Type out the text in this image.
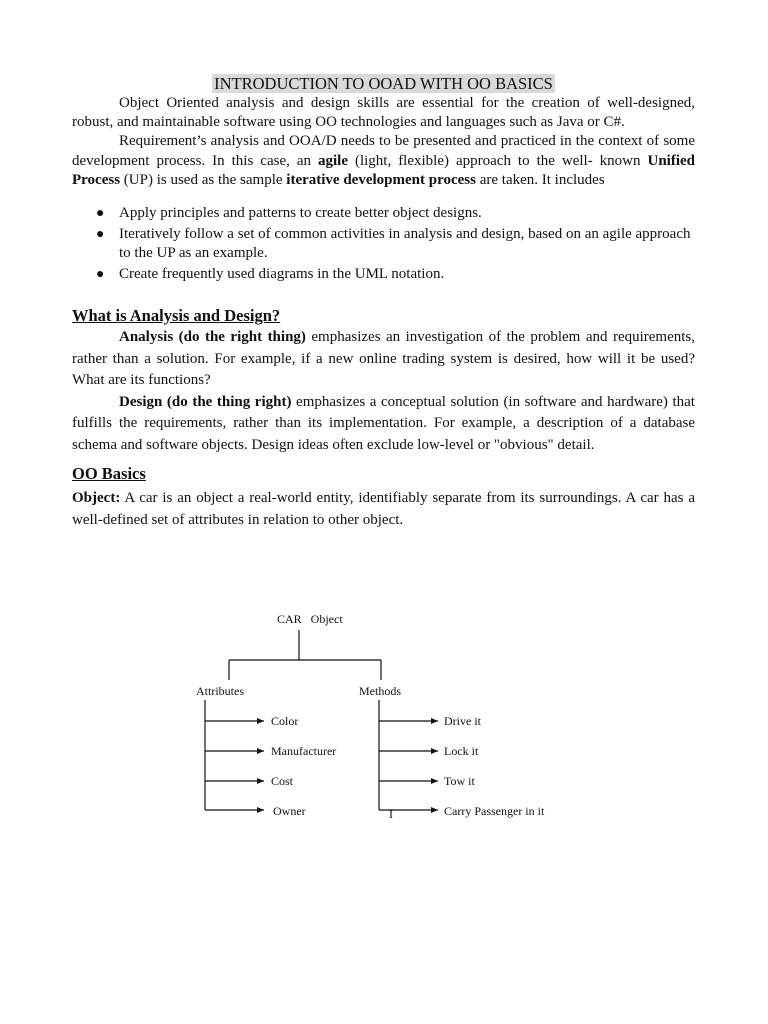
INTRODUCTION TO OOAD WITH OO BASICS

Object Oriented analysis and design skills are essential for the creation of well-designed, robust, and maintainable software using OO technologies and languages such as Java or C#.

Requirement’s analysis and OOA/D needs to be presented and practiced in the context of some development process. In this case, an agile (light, flexible) approach to the well- known Unified Process (UP) is used as the sample iterative development process are taken. It includes

● Apply principles and patterns to create better object designs.
● Iteratively follow a set of common activities in analysis and design, based on an agile approach to the UP as an example.
● Create frequently used diagrams in the UML notation.
What is Analysis and Design?

Analysis (do the right thing) emphasizes an investigation of the problem and requirements, rather than a solution. For example, if a new online trading system is desired, how will it be used? What are its functions?

Design (do the thing right) emphasizes a conceptual solution (in software and hardware) that fulfills the requirements, rather than its implementation. For example, a description of a database schema and software objects. Design ideas often exclude low-level or "obvious" detail.

OO Basics

Object: A car is an object a real-world entity, identifiably separate from its surroundings. A car has a well-defined set of attributes in relation to other object.

CAR   Object
Attributes	Methods
Color
Manufacturer
Cost
Owner
Drive it
Lock it
Tow it
Carry Passenger in it
I
